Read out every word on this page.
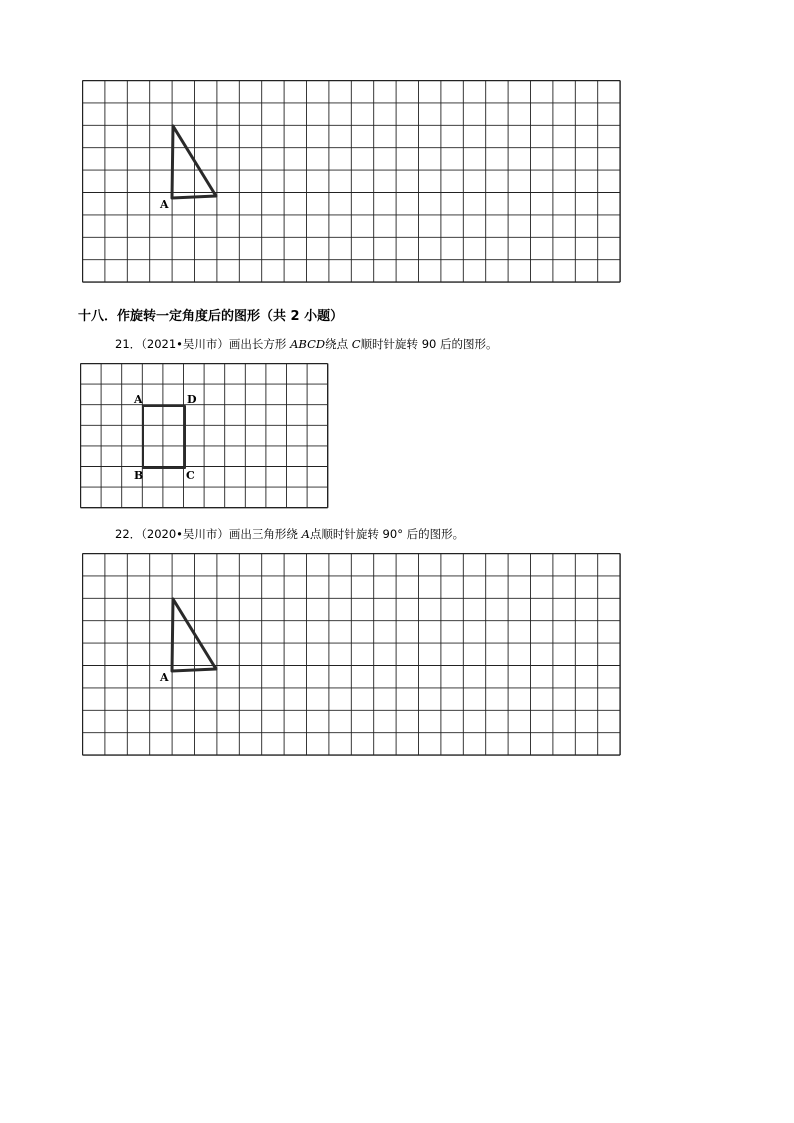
A
十八．作旋转一定角度后的图形（共 2 小题）
21．（2021•吴川市）画出长方形 ABCD绕点 C顺时针旋转 90 后的图形。
A	D
B	C
22．（2020•吴川市）画出三角形绕 A点顺时针旋转 90° 后的图形。
A
